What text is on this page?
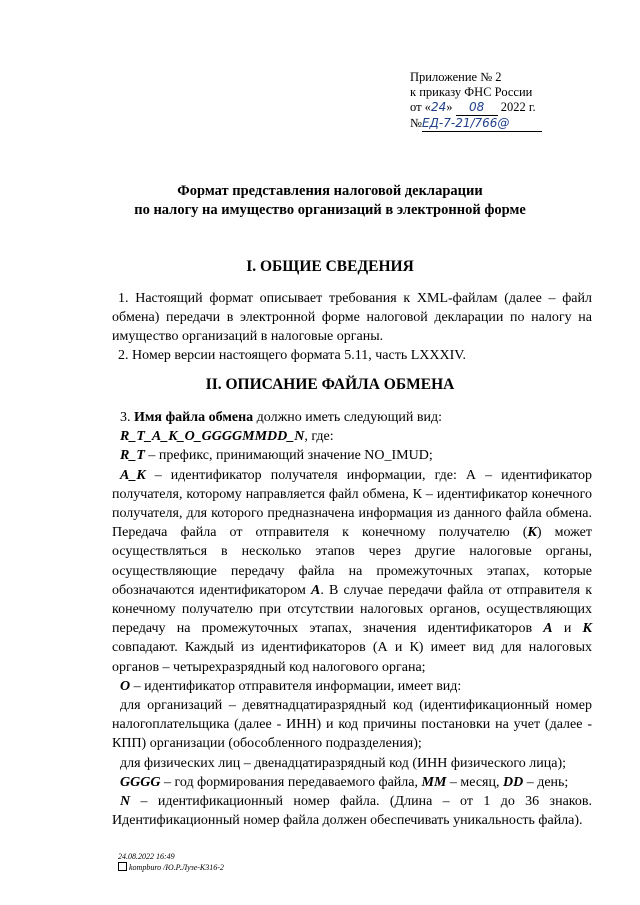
Приложение № 2
к приказу ФНС России
от «24» 08 2022 г.
№ЕД-7-21/766@
Формат представления налоговой декларации
по налогу на имущество организаций в электронной форме
I. ОБЩИЕ СВЕДЕНИЯ
1. Настоящий формат описывает требования к XML-файлам (далее – файл обмена) передачи в электронной форме налоговой декларации по налогу на имущество организаций в налоговые органы.
2. Номер версии настоящего формата 5.11, часть LXXXIV.
II. ОПИСАНИЕ ФАЙЛА ОБМЕНА
3. Имя файла обмена должно иметь следующий вид:
R_T_A_K_O_GGGGMMDD_N, где:
R_T – префикс, принимающий значение NO_IMUD;
A_K – идентификатор получателя информации, где: А – идентификатор получателя, которому направляется файл обмена, К – идентификатор конечного получателя, для которого предназначена информация из данного файла обмена. Передача файла от отправителя к конечному получателю (К) может осуществляться в несколько этапов через другие налоговые органы, осуществляющие передачу файла на промежуточных этапах, которые обозначаются идентификатором А. В случае передачи файла от отправителя к конечному получателю при отсутствии налоговых органов, осуществляющих передачу на промежуточных этапах, значения идентификаторов А и К совпадают. Каждый из идентификаторов (А и К) имеет вид для налоговых органов – четырехразрядный код налогового органа;
O – идентификатор отправителя информации, имеет вид:
для организаций – девятнадцатиразрядный код (идентификационный номер налогоплательщика (далее - ИНН) и код причины постановки на учет (далее - КПП) организации (обособленного подразделения);
для физических лиц – двенадцатиразрядный код (ИНН физического лица);
GGGG – год формирования передаваемого файла, MM – месяц, DD – день;
N – идентификационный номер файла. (Длина – от 1 до 36 знаков. Идентификационный номер файла должен обеспечивать уникальность файла).
24.08.2022 16:49
kompburo /Ю.Р.Лузе-К316-2
